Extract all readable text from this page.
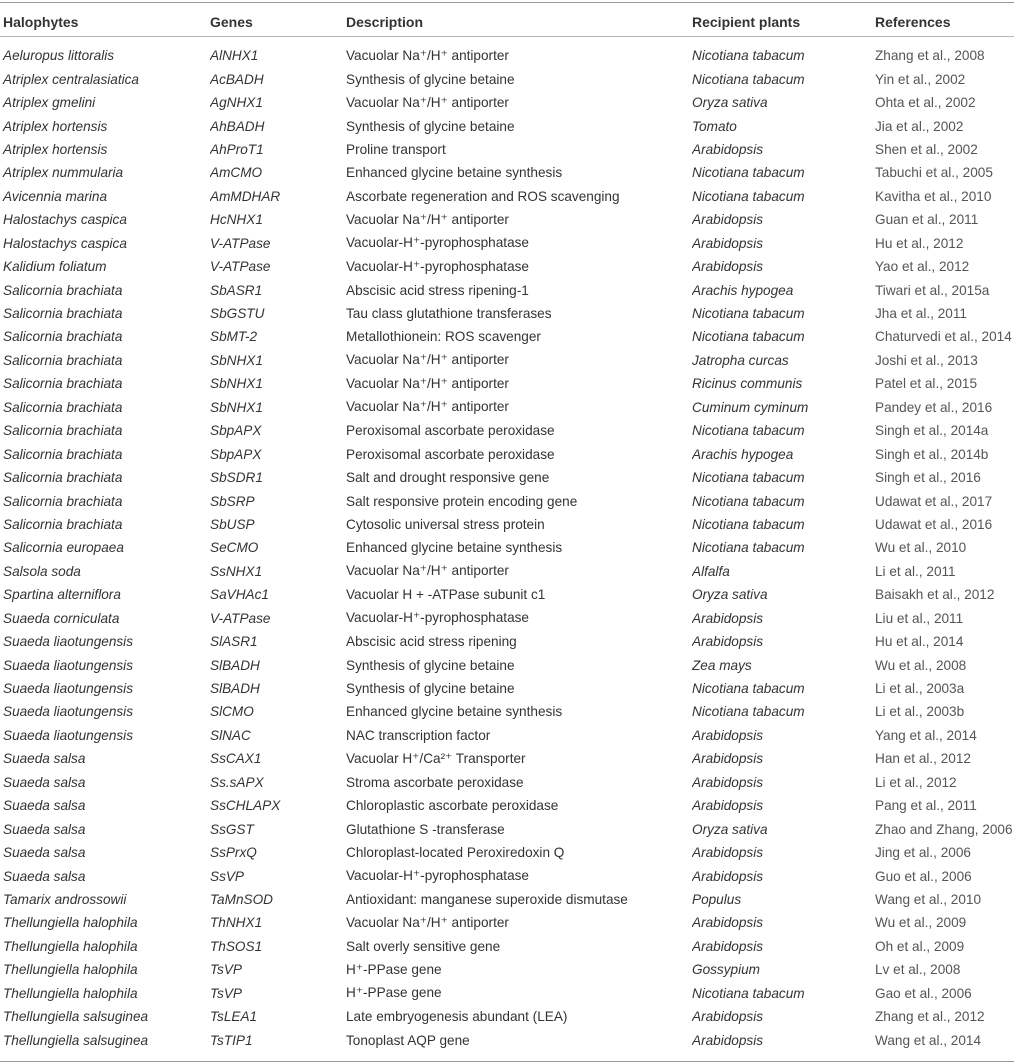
Halophytes	Genes	Description	Recipient plants	References
Aeluropus littoralis	AlNHX1	Vacuolar Na⁺/H⁺ antiporter	Nicotiana tabacum	Zhang et al., 2008
Atriplex centralasiatica	AcBADH	Synthesis of glycine betaine	Nicotiana tabacum	Yin et al., 2002
Atriplex gmelini	AgNHX1	Vacuolar Na⁺/H⁺ antiporter	Oryza sativa	Ohta et al., 2002
Atriplex hortensis	AhBADH	Synthesis of glycine betaine	Tomato	Jia et al., 2002
Atriplex hortensis	AhProT1	Proline transport	Arabidopsis	Shen et al., 2002
Atriplex nummularia	AmCMO	Enhanced glycine betaine synthesis	Nicotiana tabacum	Tabuchi et al., 2005
Avicennia marina	AmMDHAR	Ascorbate regeneration and ROS scavenging	Nicotiana tabacum	Kavitha et al., 2010
Halostachys caspica	HcNHX1	Vacuolar Na⁺/H⁺ antiporter	Arabidopsis	Guan et al., 2011
Halostachys caspica	V-ATPase	Vacuolar-H⁺-pyrophosphatase	Arabidopsis	Hu et al., 2012
Kalidium foliatum	V-ATPase	Vacuolar-H⁺-pyrophosphatase	Arabidopsis	Yao et al., 2012
Salicornia brachiata	SbASR1	Abscisic acid stress ripening-1	Arachis hypogea	Tiwari et al., 2015a
Salicornia brachiata	SbGSTU	Tau class glutathione transferases	Nicotiana tabacum	Jha et al., 2011
Salicornia brachiata	SbMT-2	Metallothionein: ROS scavenger	Nicotiana tabacum	Chaturvedi et al., 2014
Salicornia brachiata	SbNHX1	Vacuolar Na⁺/H⁺ antiporter	Jatropha curcas	Joshi et al., 2013
Salicornia brachiata	SbNHX1	Vacuolar Na⁺/H⁺ antiporter	Ricinus communis	Patel et al., 2015
Salicornia brachiata	SbNHX1	Vacuolar Na⁺/H⁺ antiporter	Cuminum cyminum	Pandey et al., 2016
Salicornia brachiata	SbpAPX	Peroxisomal ascorbate peroxidase	Nicotiana tabacum	Singh et al., 2014a
Salicornia brachiata	SbpAPX	Peroxisomal ascorbate peroxidase	Arachis hypogea	Singh et al., 2014b
Salicornia brachiata	SbSDR1	Salt and drought responsive gene	Nicotiana tabacum	Singh et al., 2016
Salicornia brachiata	SbSRP	Salt responsive protein encoding gene	Nicotiana tabacum	Udawat et al., 2017
Salicornia brachiata	SbUSP	Cytosolic universal stress protein	Nicotiana tabacum	Udawat et al., 2016
Salicornia europaea	SeCMO	Enhanced glycine betaine synthesis	Nicotiana tabacum	Wu et al., 2010
Salsola soda	SsNHX1	Vacuolar Na⁺/H⁺ antiporter	Alfalfa	Li et al., 2011
Spartina alterniflora	SaVHAc1	Vacuolar H + -ATPase subunit c1	Oryza sativa	Baisakh et al., 2012
Suaeda corniculata	V-ATPase	Vacuolar-H⁺-pyrophosphatase	Arabidopsis	Liu et al., 2011
Suaeda liaotungensis	SlASR1	Abscisic acid stress ripening	Arabidopsis	Hu et al., 2014
Suaeda liaotungensis	SlBADH	Synthesis of glycine betaine	Zea mays	Wu et al., 2008
Suaeda liaotungensis	SlBADH	Synthesis of glycine betaine	Nicotiana tabacum	Li et al., 2003a
Suaeda liaotungensis	SlCMO	Enhanced glycine betaine synthesis	Nicotiana tabacum	Li et al., 2003b
Suaeda liaotungensis	SlNAC	NAC transcription factor	Arabidopsis	Yang et al., 2014
Suaeda salsa	SsCAX1	Vacuolar H⁺/Ca²⁺ Transporter	Arabidopsis	Han et al., 2012
Suaeda salsa	Ss.sAPX	Stroma ascorbate peroxidase	Arabidopsis	Li et al., 2012
Suaeda salsa	SsCHLAPX	Chloroplastic ascorbate peroxidase	Arabidopsis	Pang et al., 2011
Suaeda salsa	SsGST	Glutathione S -transferase	Oryza sativa	Zhao and Zhang, 2006
Suaeda salsa	SsPrxQ	Chloroplast-located Peroxiredoxin Q	Arabidopsis	Jing et al., 2006
Suaeda salsa	SsVP	Vacuolar-H⁺-pyrophosphatase	Arabidopsis	Guo et al., 2006
Tamarix androssowii	TaMnSOD	Antioxidant: manganese superoxide dismutase	Populus	Wang et al., 2010
Thellungiella halophila	ThNHX1	Vacuolar Na⁺/H⁺ antiporter	Arabidopsis	Wu et al., 2009
Thellungiella halophila	ThSOS1	Salt overly sensitive gene	Arabidopsis	Oh et al., 2009
Thellungiella halophila	TsVP	H⁺-PPase gene	Gossypium	Lv et al., 2008
Thellungiella halophila	TsVP	H⁺-PPase gene	Nicotiana tabacum	Gao et al., 2006
Thellungiella salsuginea	TsLEA1	Late embryogenesis abundant (LEA)	Arabidopsis	Zhang et al., 2012
Thellungiella salsuginea	TsTIP1	Tonoplast AQP gene	Arabidopsis	Wang et al., 2014
